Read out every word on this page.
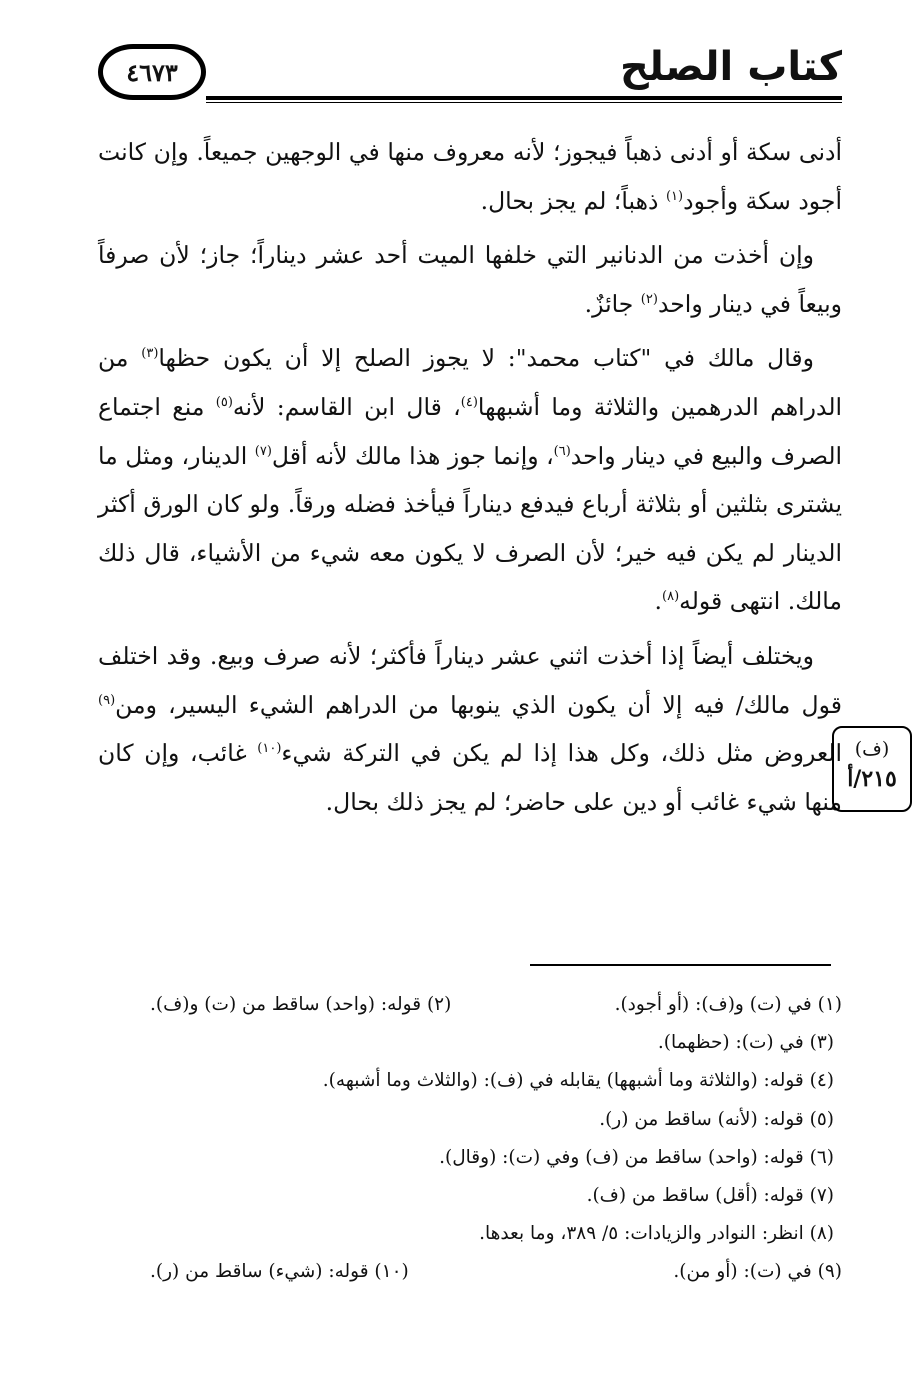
٤٦٧٣	كتاب الصلح

أدنى سكة أو أدنى ذهباً فيجوز؛ لأنه معروف منها في الوجهين جميعاً. وإن كانت أجود سكة وأجود$^{(١)}$ ذهباً؛ لم يجز بحال.

وإن أخذت من الدنانير التي خلفها الميت أحد عشر ديناراً؛ جاز؛ لأن صرفاً وبيعاً في دينار واحد$^{(٢)}$ جائزٌ.

وقال مالك في "كتاب محمد": لا يجوز الصلح إلا أن يكون حظها$^{(٣)}$ من الدراهم الدرهمين والثلاثة وما أشبهها$^{(٤)}$، قال ابن القاسم: لأنه$^{(٥)}$ منع اجتماع الصرف والبيع في دينار واحد$^{(٦)}$، وإنما جوز هذا مالك لأنه أقل$^{(٧)}$ الدينار، ومثل ما يشترى بثلثين أو بثلاثة أرباع فيدفع ديناراً فيأخذ فضله ورقاً. ولو كان الورق أكثر الدينار لم يكن فيه خير؛ لأن الصرف لا يكون معه شيء من الأشياء، قال ذلك مالك. انتهى قوله$^{(٨)}$.

ويختلف أيضاً إذا أخذت اثني عشر ديناراً فأكثر؛ لأنه صرف وبيع. وقد اختلف قول مالك/ فيه إلا أن يكون الذي ينوبها من الدراهم الشيء اليسير، ومن$^{(٩)}$ العروض مثل ذلك، وكل هذا إذا لم يكن في التركة شيء$^{(١٠)}$ غائب، وإن كان منها شيء غائب أو دين على حاضر؛ لم يجز ذلك بحال.

(ف)
٢١٥/أ
(١) في (ت) و(ف): (أو أجود).
(٢) قوله: (واحد) ساقط من (ت) و(ف).
(٣) في (ت): (حظهما).
(٤) قوله: (والثلاثة وما أشبهها) يقابله في (ف): (والثلاث وما أشبهه).
(٥) قوله: (لأنه) ساقط من (ر).
(٦) قوله: (واحد) ساقط من (ف) وفي (ت): (وقال).
(٧) قوله: (أقل) ساقط من (ف).
(٨) انظر: النوادر والزيادات: ٥/ ٣٨٩، وما بعدها.
(٩) في (ت): (أو من).
(١٠) قوله: (شيء) ساقط من (ر).
